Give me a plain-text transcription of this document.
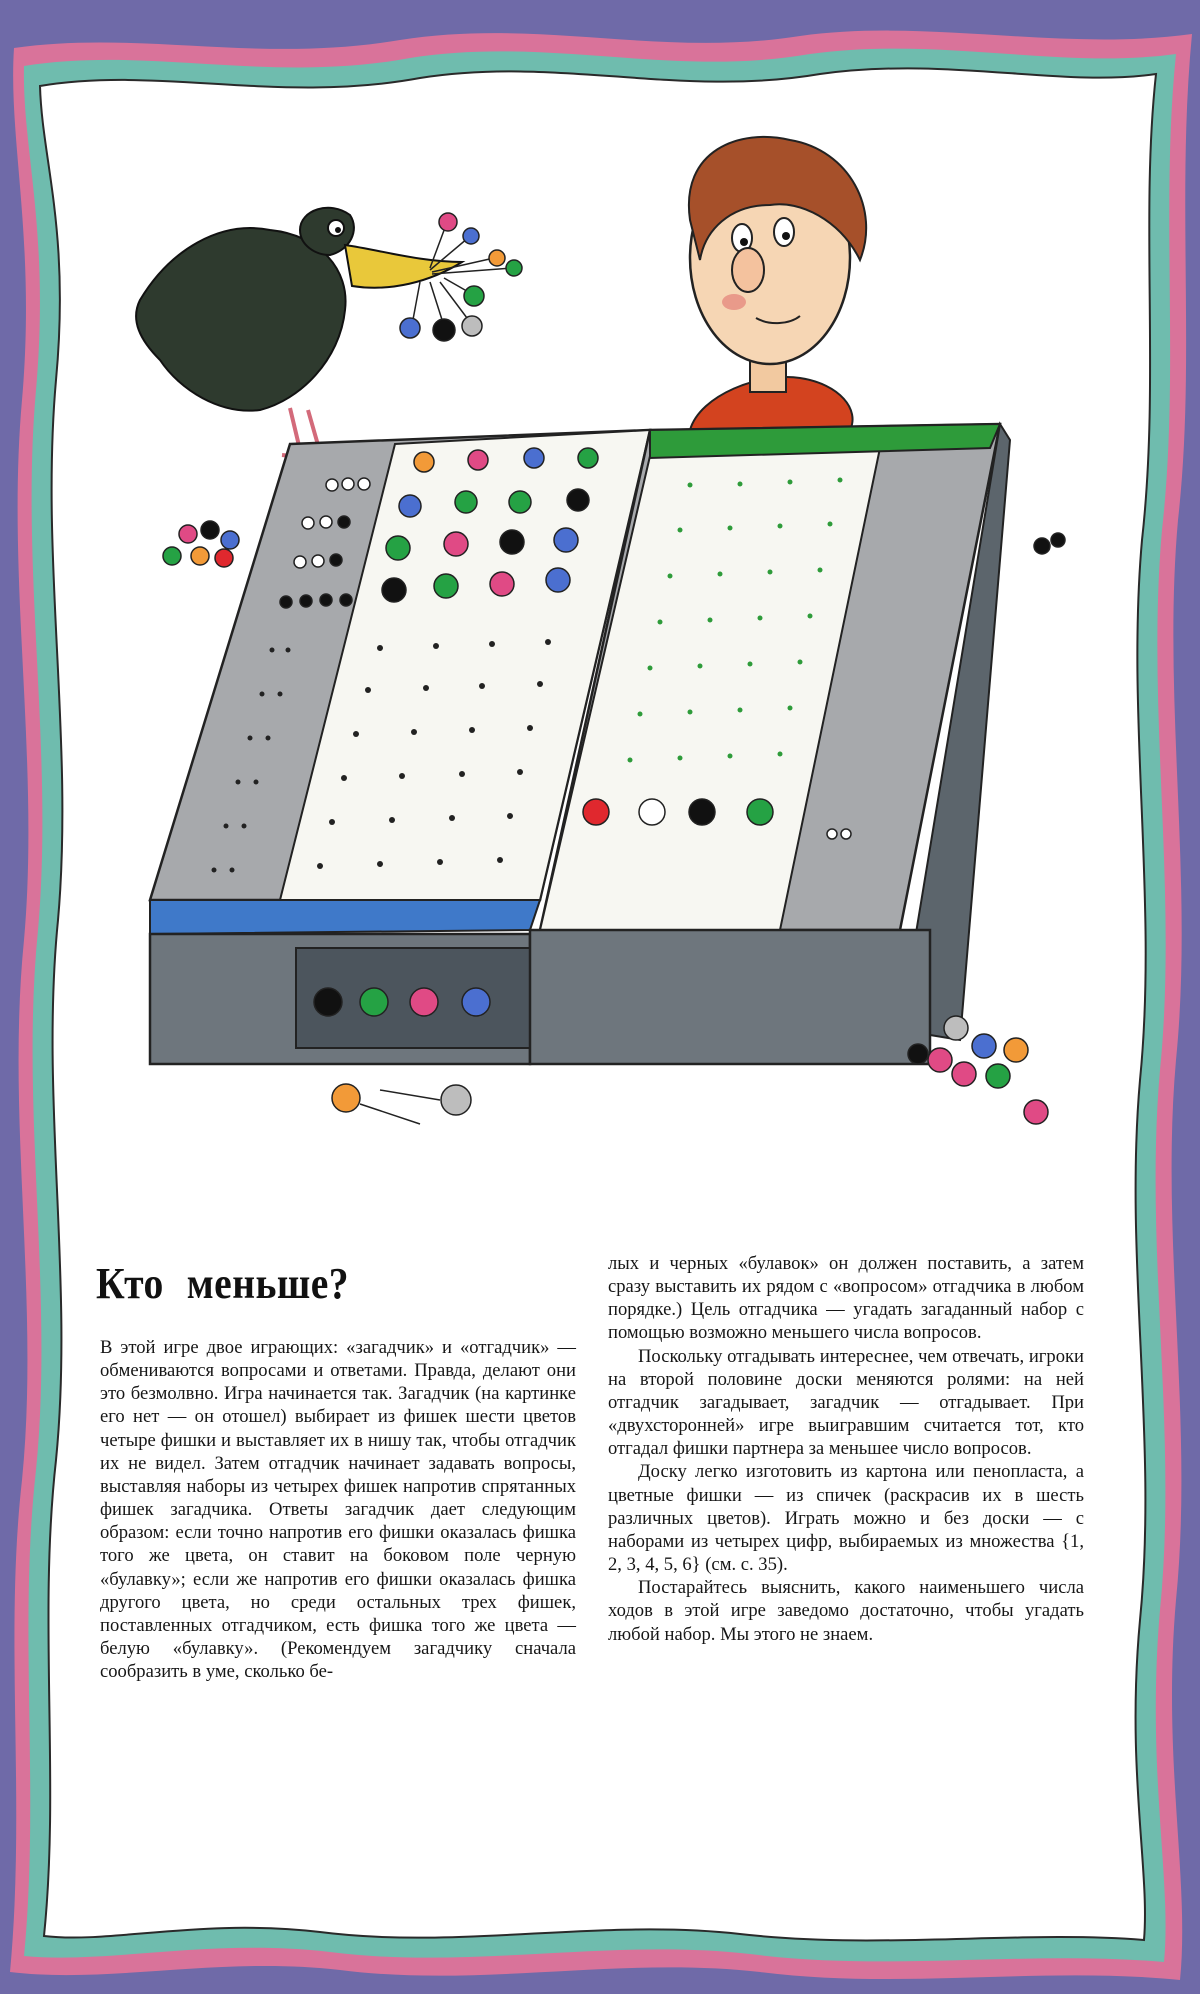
Кто меньше?

В этой игре двое играющих: «загадчик» и «отгадчик» — обмениваются вопросами и ответами. Правда, делают они это безмолвно. Игра начинается так. Загадчик (на картинке его нет — он отошел) выбирает из фишек шести цветов четыре фишки и выставляет их в нишу так, чтобы отгадчик их не видел. Затем отгадчик начинает задавать вопросы, выставляя наборы из четырех фишек напротив спрятанных фишек загадчика. Ответы загадчик дает следующим образом: если точно напротив его фишки оказалась фишка того же цвета, он ставит на боковом поле черную «булавку»; если же напротив его фишки оказалась фишка другого цвета, но среди остальных трех фишек, поставленных отгадчиком, есть фишка того же цвета — белую «булавку». (Рекомендуем загадчику сначала сообразить в уме, сколько бе-

лых и черных «булавок» он должен поставить, а затем сразу выставить их рядом с «вопросом» отгадчика в любом порядке.) Цель отгадчика — угадать загаданный набор с помощью возможно меньшего числа вопросов.

Поскольку отгадывать интереснее, чем отвечать, игроки на второй половине доски меняются ролями: на ней отгадчик загадывает, загадчик — отгадывает. При «двухсторонней» игре выигравшим считается тот, кто отгадал фишки партнера за меньшее число вопросов.

Доску легко изготовить из картона или пенопласта, а цветные фишки — из спичек (раскрасив их в шесть различных цветов). Играть можно и без доски — с наборами из четырех цифр, выбираемых из множества {1, 2, 3, 4, 5, 6} (см. с. 35).

Постарайтесь выяснить, какого наименьшего числа ходов в этой игре заведомо достаточно, чтобы угадать любой набор. Мы этого не знаем.
